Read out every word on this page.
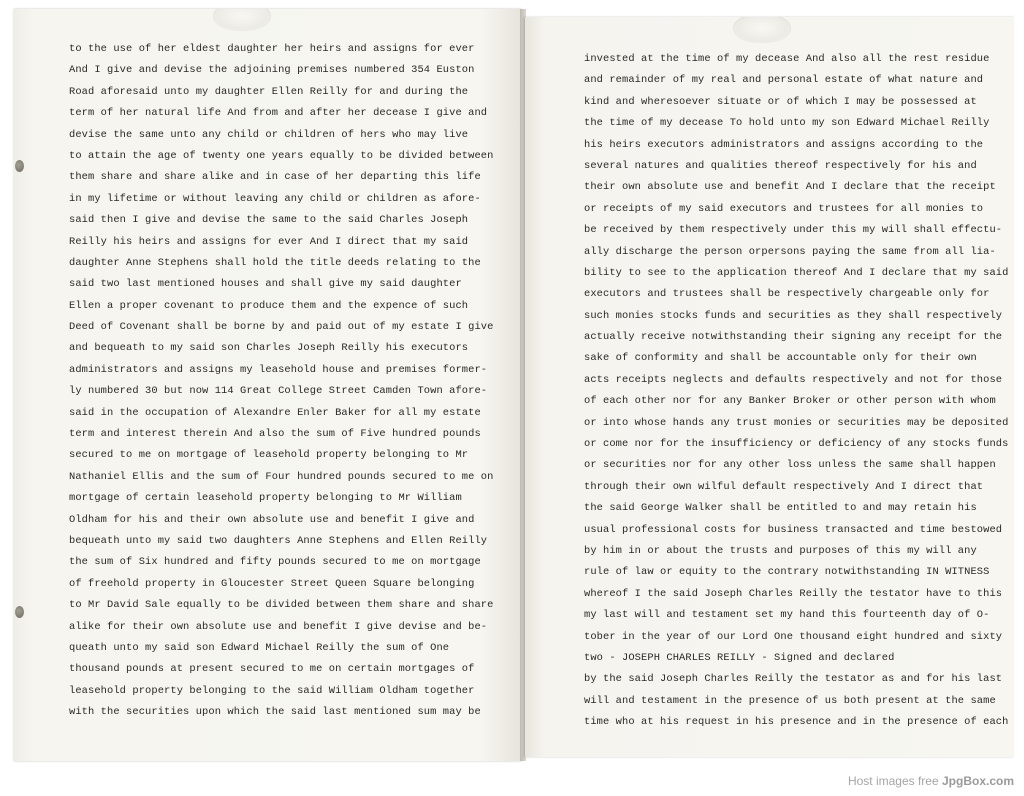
to the use of her eldest daughter her heirs and assigns for ever
And I give and devise the adjoining premises numbered 354 Euston
Road aforesaid unto my daughter Ellen Reilly for and during the
term of her natural life And from and after her decease I give and
devise the same unto any child or children of hers who may live
to attain the age of twenty one years equally to be divided between
them share and share alike and in case of her departing this life
in my lifetime or without leaving any child or children as afore-
said then I give and devise the same to the said Charles Joseph
Reilly his heirs and assigns for ever And I direct that my said
daughter Anne Stephens shall hold the title deeds relating to the
said two last mentioned houses and shall give my said daughter
Ellen a proper covenant to produce them and the expence of such
Deed of Covenant shall be borne by and paid out of my estate I give
and bequeath to my said son Charles Joseph Reilly his executors
administrators and assigns my leasehold house and premises former-
ly numbered 30 but now 114 Great College Street Camden Town afore-
said in the occupation of Alexandre Enler Baker for all my estate
term and interest therein And also the sum of Five hundred pounds
secured to me on mortgage of leasehold property belonging to Mr
Nathaniel Ellis and the sum of Four hundred pounds secured to me on
mortgage of certain leasehold property belonging to Mr William
Oldham for his and their own absolute use and benefit I give and
bequeath unto my said two daughters Anne Stephens and Ellen Reilly
the sum of Six hundred and fifty pounds secured to me on mortgage
of freehold property in Gloucester Street Queen Square belonging
to Mr David Sale equally to be divided between them share and share
alike for their own absolute use and benefit I give devise and be-
queath unto my said son Edward Michael Reilly the sum of One
thousand pounds at present secured to me on certain mortgages of
leasehold property belonging to the said William Oldham together
with the securities upon which the said last mentioned sum may be
invested at the time of my decease And also all the rest residue
and remainder of my real and personal estate of what nature and
kind and wheresoever situate or of which I may be possessed at
the time of my decease To hold unto my son Edward Michael Reilly
his heirs executors administrators and assigns according to the
several natures and qualities thereof respectively for his and
their own absolute use and benefit And I declare that the receipt
or receipts of my said executors and trustees for all monies to
be received by them respectively under this my will shall effectu-
ally discharge the person orpersons paying the same from all lia-
bility to see to the application thereof And I declare that my said
executors and trustees shall be respectively chargeable only for
such monies stocks funds and securities as they shall respectively
actually receive notwithstanding their signing any receipt for the
sake of conformity and shall be accountable only for their own
acts receipts neglects and defaults respectively and not for those
of each other nor for any Banker Broker or other person with whom
or into whose hands any trust monies or securities may be deposited
or come nor for the insufficiency or deficiency of any stocks funds
or securities nor for any other loss unless the same shall happen
through their own wilful default respectively And I direct that
the said George Walker shall be entitled to and may retain his
usual professional costs for business transacted and time bestowed
by him in or about the trusts and purposes of this my will any
rule of law or equity to the contrary notwithstanding IN WITNESS
whereof I the said Joseph Charles Reilly the testator have to this
my last will and testament set my hand this fourteenth day of O-
tober in the year of our Lord One thousand eight hundred and sixty
two - JOSEPH CHARLES REILLY - Signed and declared
by the said Joseph Charles Reilly the testator as and for his last
will and testament in the presence of us both present at the same
time who at his request in his presence and in the presence of each
Host images free JpgBox.com
